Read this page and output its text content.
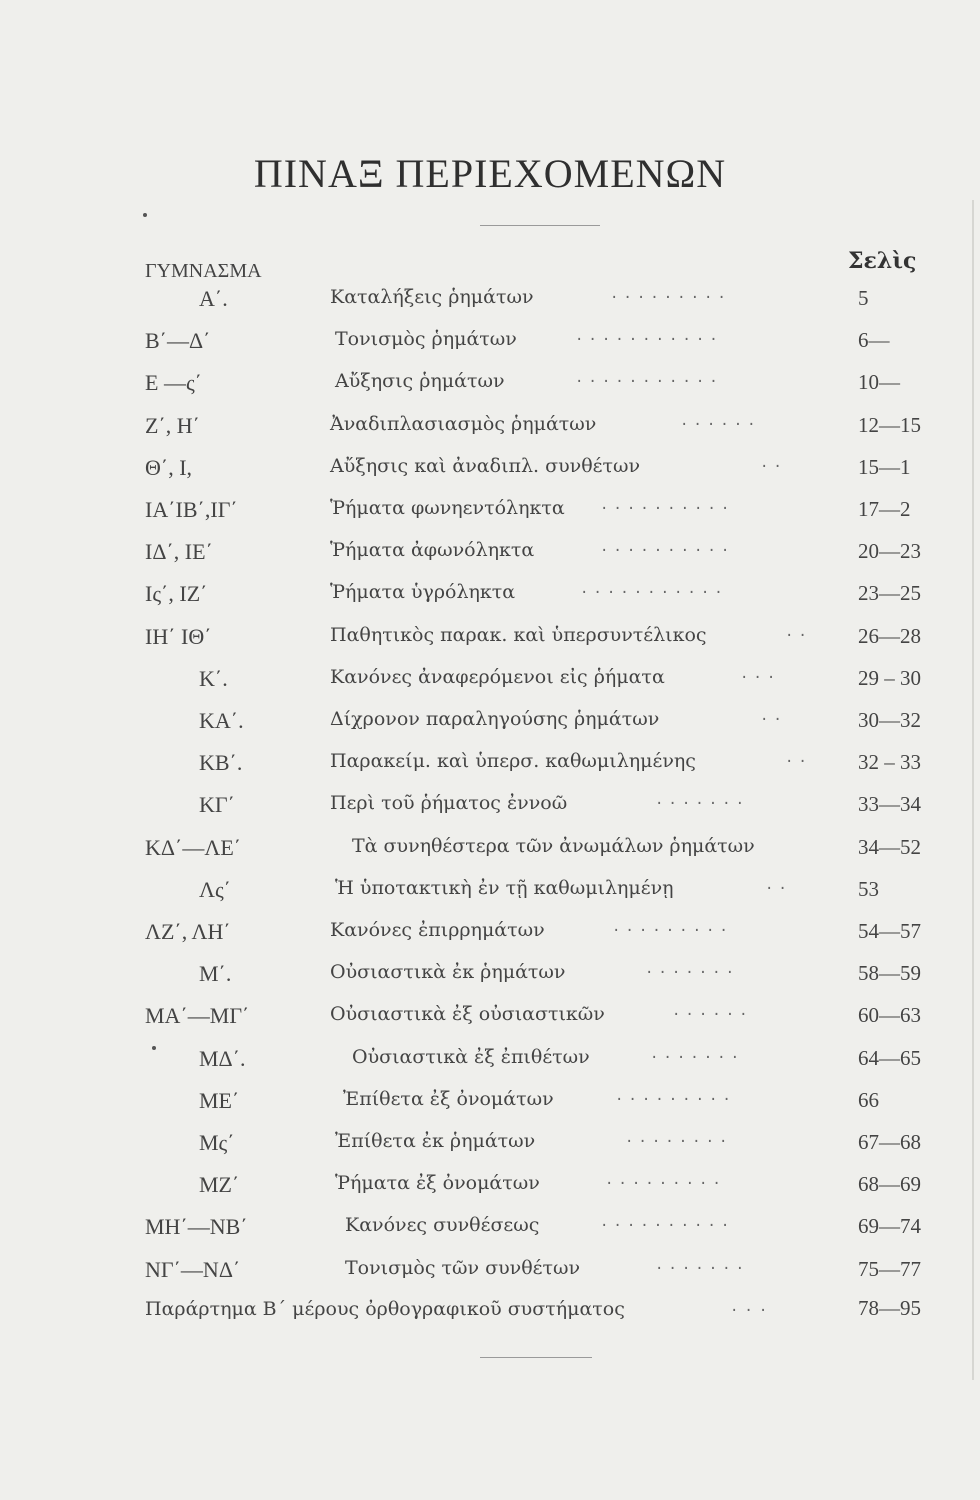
ΠΙΝΑΞ ΠΕΡΙΕΧΟΜΕΝΩΝ
ΓΥΜΝΑΣΜΑ	Σελὶς
Α΄.	Καταλήξεις ῥημάτων	·········	5
Β΄—Δ΄	Τονισμὸς ῥημάτων	···········	6—
Ε —ς΄	Αὔξησις ῥημάτων	···········	10—
Ζ΄, Η΄	Ἀναδιπλασιασμὸς ῥημάτων	······	12—15
Θ΄, Ι,	Αὔξησις καὶ ἀναδιπλ. συνθέτων	··	15—1
ΙΑ΄ΙΒ΄,ΙΓ΄	Ῥήματα φωνηεντόληκτα	··········	17—2
ΙΔ΄, ΙΕ΄	Ῥήματα ἀφωνόληκτα	··········	20—23
Ις΄, ΙΖ΄	Ῥήματα ὑγρόληκτα	···········	23—25
ΙΗ΄ ΙΘ΄	Παθητικὸς παρακ. καὶ ὑπερσυντέλικος	·· 26—28
Κ΄.	Κανόνες ἀναφερόμενοι εἰς ῥήματα	···	29 – 30
ΚΑ΄.	Δίχρονον παραληγούσης ῥημάτων	··	30—32
ΚΒ΄.	Παρακείμ. καὶ ὑπερσ. καθωμιλημένης	·· 32 – 33
ΚΓ΄	Περὶ τοῦ ῥήματος ἐννοῶ	·······	33—34
ΚΔ΄—ΛΕ΄	Τὰ συνηθέστερα τῶν ἀνωμάλων ῥημάτων	34—52
Λς΄	Ἡ ὑποτακτικὴ ἐν τῇ καθωμιλημένῃ	··	53
ΛΖ΄, ΛΗ΄	Κανόνες ἐπιρρημάτων	·········	54—57
Μ΄.	Οὐσιαστικὰ ἐκ ῥημάτων	·······	58—59
ΜΑ΄—ΜΓ΄	Οὐσιαστικὰ ἐξ οὐσιαστικῶν	······	60—63
ΜΔ΄.	Οὐσιαστικὰ ἐξ ἐπιθέτων	·······	64—65
ΜΕ΄	Ἐπίθετα ἐξ ὀνομάτων	·········	66
Μς΄	Ἐπίθετα ἐκ ῥημάτων	········	67—68
ΜΖ΄	Ῥήματα ἐξ ὀνομάτων	·········	68—69
ΜΗ΄—ΝΒ΄	Κανόνες συνθέσεως	··········	69—74
ΝΓ΄—ΝΔ΄	Τονισμὸς τῶν συνθέτων	·······	75—77
Παράρτημα Β΄ μέρους ὀρθογραφικοῦ συστήματος	···	78—95
